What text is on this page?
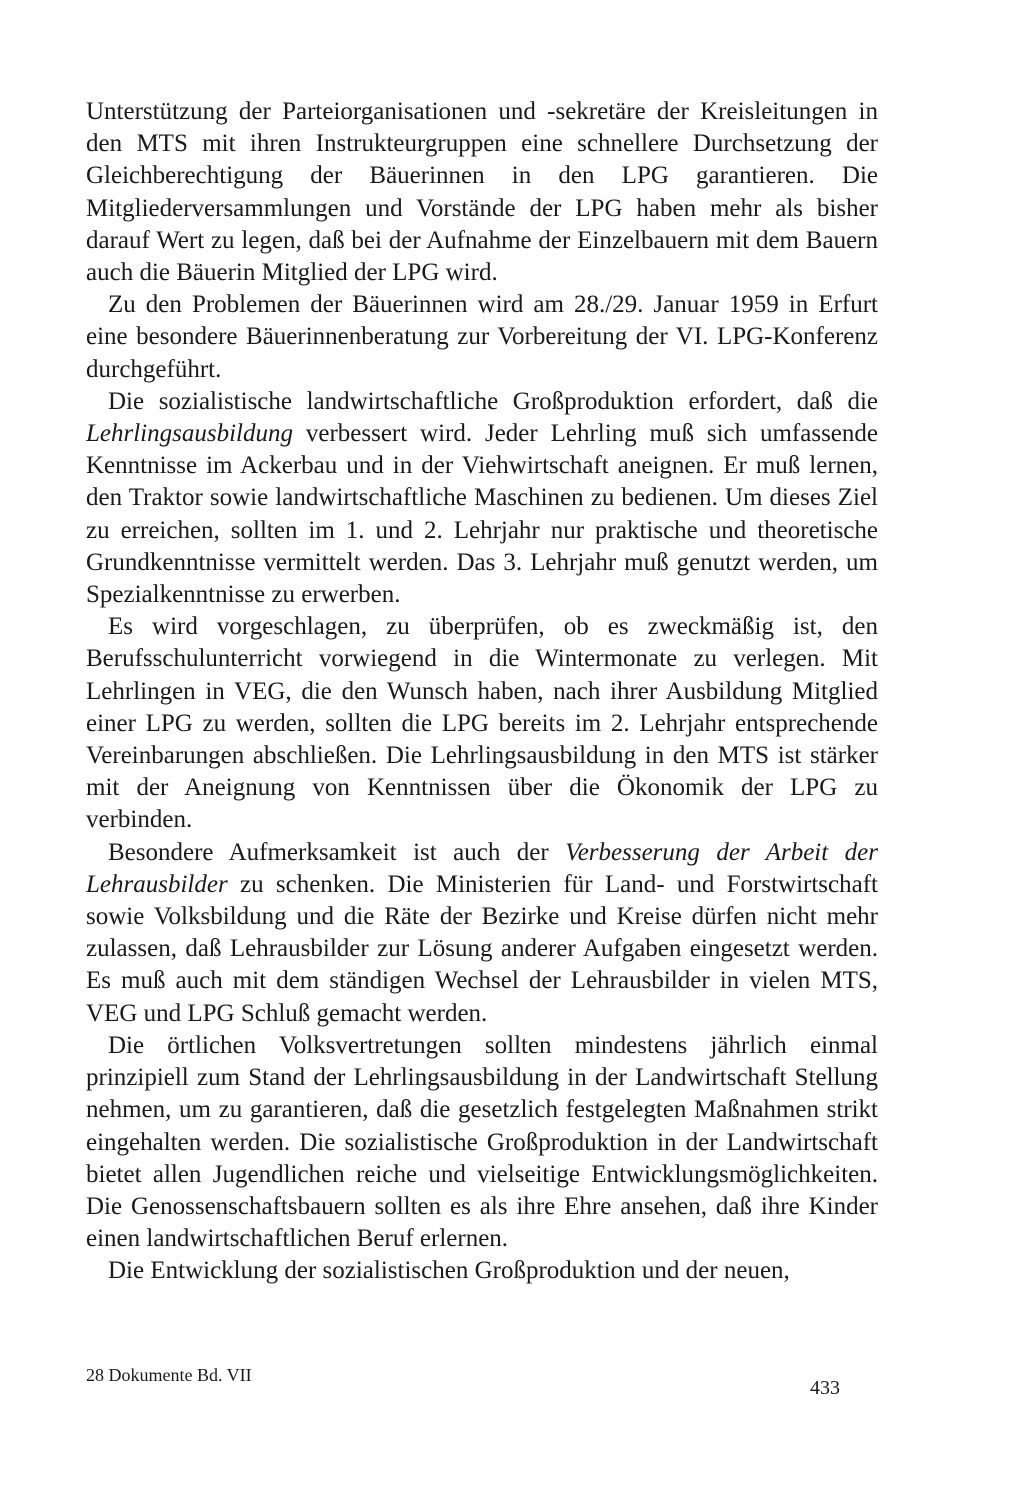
Unterstützung der Parteiorganisationen und -sekretäre der Kreisleitungen in den MTS mit ihren Instrukteurgruppen eine schnellere Durchsetzung der Gleichberechtigung der Bäuerinnen in den LPG garantieren. Die Mitgliederversammlungen und Vorstände der LPG haben mehr als bisher darauf Wert zu legen, daß bei der Aufnahme der Einzelbauern mit dem Bauern auch die Bäuerin Mitglied der LPG wird.

Zu den Problemen der Bäuerinnen wird am 28./29. Januar 1959 in Erfurt eine besondere Bäuerinnenberatung zur Vorbereitung der VI. LPG-Konferenz durchgeführt.

Die sozialistische landwirtschaftliche Großproduktion erfordert, daß die Lehrlingsausbildung verbessert wird. Jeder Lehrling muß sich umfassende Kenntnisse im Ackerbau und in der Viehwirtschaft aneignen. Er muß lernen, den Traktor sowie landwirtschaftliche Maschinen zu bedienen. Um dieses Ziel zu erreichen, sollten im 1. und 2. Lehrjahr nur praktische und theoretische Grundkenntnisse vermittelt werden. Das 3. Lehrjahr muß genutzt werden, um Spezialkenntnisse zu erwerben.

Es wird vorgeschlagen, zu überprüfen, ob es zweckmäßig ist, den Berufsschulunterricht vorwiegend in die Wintermonate zu verlegen. Mit Lehrlingen in VEG, die den Wunsch haben, nach ihrer Ausbildung Mitglied einer LPG zu werden, sollten die LPG bereits im 2. Lehrjahr entsprechende Vereinbarungen abschließen. Die Lehrlingsausbildung in den MTS ist stärker mit der Aneignung von Kenntnissen über die Ökonomik der LPG zu verbinden.

Besondere Aufmerksamkeit ist auch der Verbesserung der Arbeit der Lehrausbilder zu schenken. Die Ministerien für Land- und Forstwirtschaft sowie Volksbildung und die Räte der Bezirke und Kreise dürfen nicht mehr zulassen, daß Lehrausbilder zur Lösung anderer Aufgaben eingesetzt werden. Es muß auch mit dem ständigen Wechsel der Lehrausbilder in vielen MTS, VEG und LPG Schluß gemacht werden.

Die örtlichen Volksvertretungen sollten mindestens jährlich einmal prinzipiell zum Stand der Lehrlingsausbildung in der Landwirtschaft Stellung nehmen, um zu garantieren, daß die gesetzlich festgelegten Maßnahmen strikt eingehalten werden. Die sozialistische Großproduktion in der Landwirtschaft bietet allen Jugendlichen reiche und vielseitige Entwicklungsmöglichkeiten. Die Genossenschaftsbauern sollten es als ihre Ehre ansehen, daß ihre Kinder einen landwirtschaftlichen Beruf erlernen.

Die Entwicklung der sozialistischen Großproduktion und der neuen,

28 Dokumente Bd. VII
433
